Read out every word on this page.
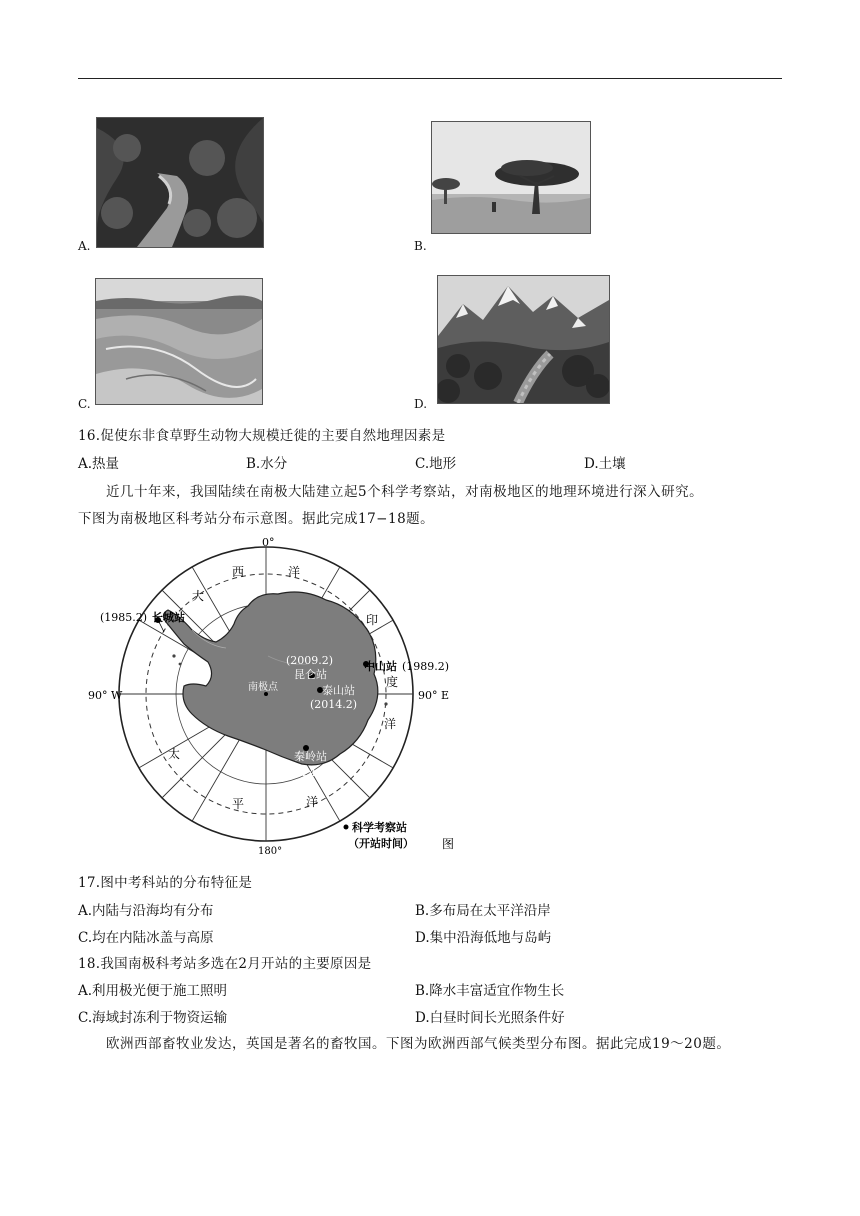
A.	B.
C.	D.
16.促使东非食草野生动物大规模迁徙的主要自然地理因素是
A.热量	B.水分	C.地形	D.土壤
近几十年来，我国陆续在南极大陆建立起5个科学考察站，对南极地区的地理环境进行深入研究。
下图为南极地区科考站分布示意图。据此完成17−18题。
0°
90° W	90° E
180°
西	洋
大
印
度
洋
太
平	洋
(1985.2) 长城站
中山站 (1989.2)
(2009.2)
昆仑站
泰山站
(2014.2)
秦岭站
(2024.2)
南极点
科学考察站
（开站时间） 图
17.图中考科站的分布特征是
A.内陆与沿海均有分布	B.多布局在太平洋沿岸
C.均在内陆冰盖与高原	D.集中沿海低地与岛屿
18.我国南极科考站多选在2月开站的主要原因是
A.利用极光便于施工照明	B.降水丰富适宜作物生长
C.海域封冻利于物资运输	D.白昼时间长光照条件好
欧洲西部畜牧业发达，英国是著名的畜牧国。下图为欧洲西部气候类型分布图。据此完成19～20题。
